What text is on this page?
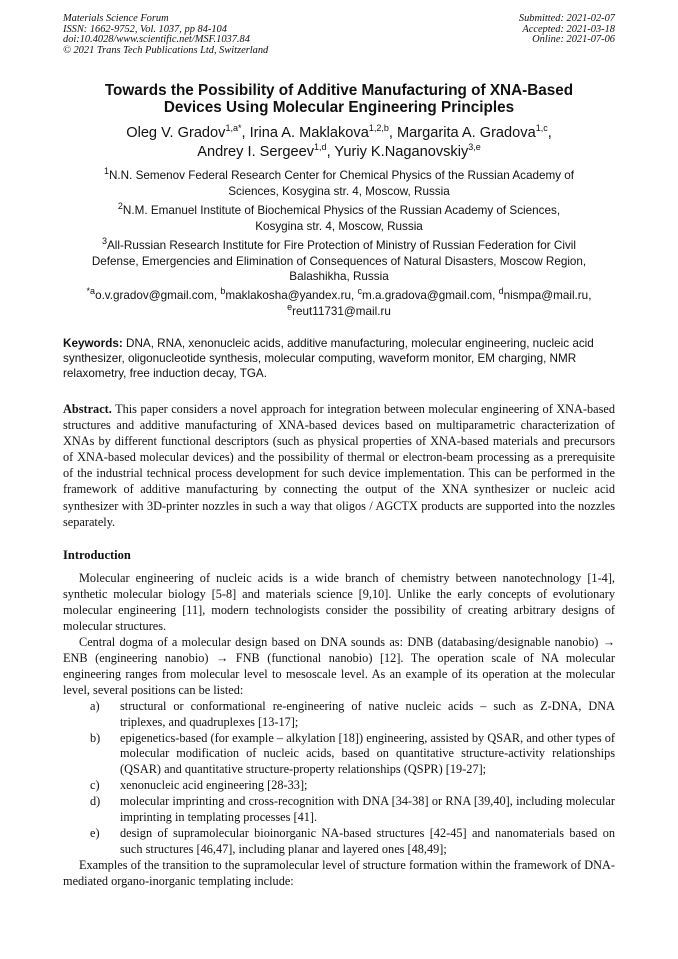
Materials Science Forum
ISSN: 1662-9752, Vol. 1037, pp 84-104
doi:10.4028/www.scientific.net/MSF.1037.84
© 2021 Trans Tech Publications Ltd, Switzerland
Submitted: 2021-02-07
Accepted: 2021-03-18
Online: 2021-07-06
Towards the Possibility of Additive Manufacturing of XNA-Based
Devices Using Molecular Engineering Principles
Oleg V. Gradov$^{1,a*}$, Irina A. Maklakova$^{1,2,b}$, Margarita A. Gradova$^{1,c}$,
Andrey I. Sergeev$^{1,d}$, Yuriy K.Naganovskiy$^{3,e}$
$^1$N.N. Semenov Federal Research Center for Chemical Physics of the Russian Academy of
Sciences, Kosygina str. 4, Moscow, Russia
$^2$N.M. Emanuel Institute of Biochemical Physics of the Russian Academy of Sciences,
Kosygina str. 4, Moscow, Russia
$^3$All-Russian Research Institute for Fire Protection of Ministry of Russian Federation for Civil
Defense, Emergencies and Elimination of Consequences of Natural Disasters, Moscow Region,
Balashikha, Russia
$^{*a}$o.v.gradov@gmail.com, $^b$maklakosha@yandex.ru, $^c$m.a.gradova@gmail.com, $^d$nismpa@mail.ru,
$^e$reut11731@mail.ru
Keywords: DNA, RNA, xenonucleic acids, additive manufacturing, molecular engineering, nucleic acid synthesizer, oligonucleotide synthesis, molecular computing, waveform monitor, EM charging, NMR relaxometry, free induction decay, TGA.
Abstract. This paper considers a novel approach for integration between molecular engineering of XNA-based structures and additive manufacturing of XNA-based devices based on multiparametric characterization of XNAs by different functional descriptors (such as physical properties of XNA-based materials and precursors of XNA-based molecular devices) and the possibility of thermal or electron-beam processing as a prerequisite of the industrial technical process development for such device implementation. This can be performed in the framework of additive manufacturing by connecting the output of the XNA synthesizer or nucleic acid synthesizer with 3D-printer nozzles in such a way that oligos / AGCTX products are supported into the nozzles separately.
Introduction
Molecular engineering of nucleic acids is a wide branch of chemistry between nanotechnology [1-4], synthetic molecular biology [5-8] and materials science [9,10]. Unlike the early concepts of evolutionary molecular engineering [11], modern technologists consider the possibility of creating arbitrary designs of molecular structures.
Central dogma of a molecular design based on DNA sounds as: DNB (databasing/designable nanobio) → ENB (engineering nanobio) → FNB (functional nanobio) [12]. The operation scale of NA molecular engineering ranges from molecular level to mesoscale level. As an example of its operation at the molecular level, several positions can be listed:
a)	structural or conformational re-engineering of native nucleic acids – such as Z-DNA, DNA triplexes, and quadruplexes [13-17];
b)	epigenetics-based (for example – alkylation [18]) engineering, assisted by QSAR, and other types of molecular modification of nucleic acids, based on quantitative structure-activity relationships (QSAR) and quantitative structure-property relationships (QSPR) [19-27];
c)	xenonucleic acid engineering [28-33];
d)	molecular imprinting and cross-recognition with DNA [34-38] or RNA [39,40], including molecular imprinting in templating processes [41].
e)	design of supramolecular bioinorganic NA-based structures [42-45] and nanomaterials based on such structures [46,47], including planar and layered ones [48,49];
Examples of the transition to the supramolecular level of structure formation within the framework of DNA-mediated organo-inorganic templating include:
